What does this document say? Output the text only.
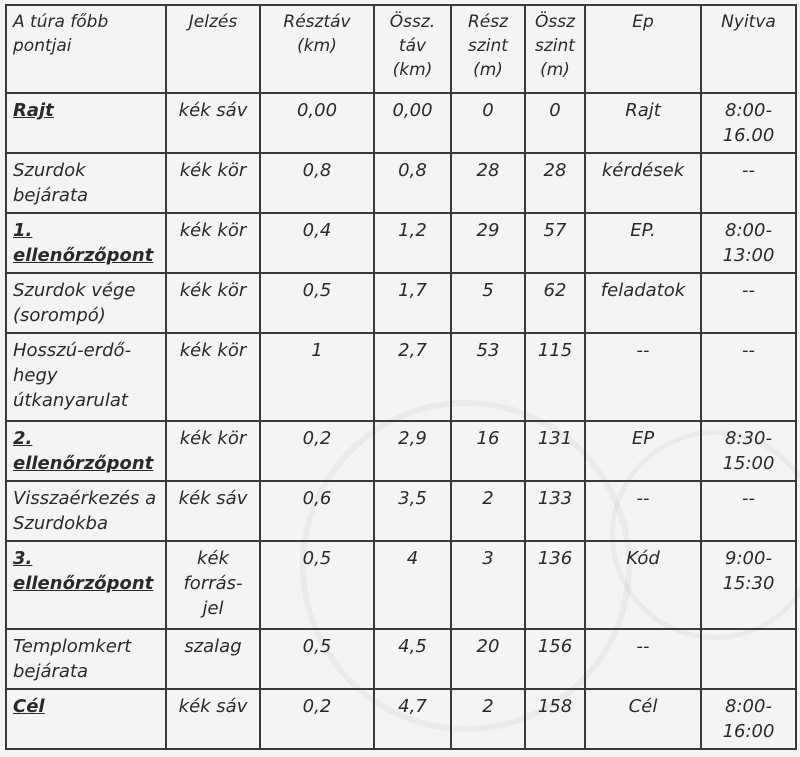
A túra főbb pontjai	Jelzés	Résztáv (km)	Össz. táv (km)	Rész szint (m)	Össz szint (m)	Ep	Nyitva
Rajt	kék sáv	0,00	0,00	0	0	Rajt	8:00-16.00
Szurdok bejárata	kék kör	0,8	0,8	28	28	kérdések	--
1. ellenőrzőpont	kék kör	0,4	1,2	29	57	EP.	8:00-13:00
Szurdok vége (sorompó)	kék kör	0,5	1,7	5	62	feladatok	--
Hosszú-erdő-hegy útkanyarulat	kék kör	1	2,7	53	115	--	--
2. ellenőrzőpont	kék kör	0,2	2,9	16	131	EP	8:30-15:00
Visszaérkezés a Szurdokba	kék sáv	0,6	3,5	2	133	--	--
3. ellenőrzőpont	kék forrás-jel	0,5	4	3	136	Kód	9:00-15:30
Templomkert bejárata	szalag	0,5	4,5	20	156	--	
Cél	kék sáv	0,2	4,7	2	158	Cél	8:00-16:00
